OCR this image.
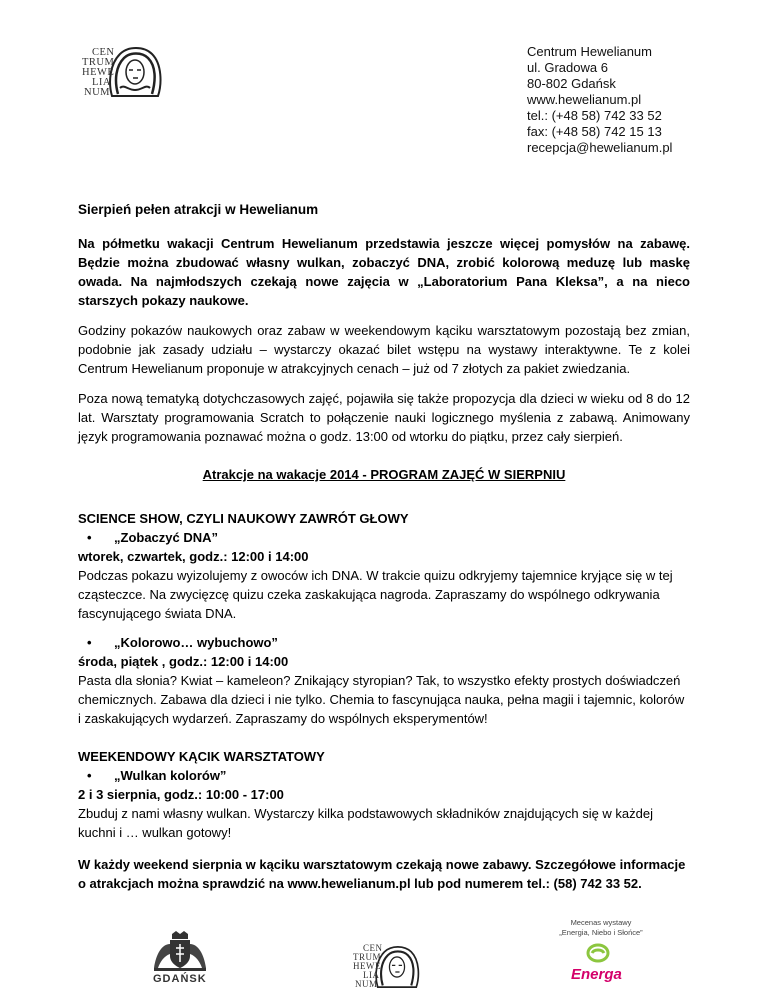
CEN
TRUM
HEWE
LIA
NUM
Centrum Hewelianum
ul. Gradowa 6
80-802 Gdańsk
www.hewelianum.pl
tel.: (+48 58) 742 33 52
fax: (+48 58) 742 15 13
recepcja@hewelianum.pl
Sierpień pełen atrakcji w Hewelianum
Na półmetku wakacji Centrum Hewelianum przedstawia jeszcze więcej pomysłów na zabawę. Będzie można zbudować własny wulkan, zobaczyć DNA, zrobić kolorową meduzę lub maskę owada. Na najmłodszych czekają nowe zajęcia w „Laboratorium Pana Kleksa”, a na nieco starszych pokazy naukowe.
Godziny pokazów naukowych oraz zabaw w weekendowym kąciku warsztatowym pozostają bez zmian, podobnie jak zasady udziału – wystarczy okazać bilet wstępu na wystawy interaktywne. Te z kolei Centrum Hewelianum proponuje w atrakcyjnych cenach – już od 7 złotych za pakiet zwiedzania.
Poza nową tematyką dotychczasowych zajęć, pojawiła się także propozycja dla dzieci w wieku od 8 do 12 lat. Warsztaty programowania Scratch to połączenie nauki logicznego myślenia z zabawą. Animowany język programowania poznawać można o godz. 13:00 od wtorku do piątku, przez cały sierpień.
Atrakcje na wakacje 2014 - PROGRAM ZAJĘĆ W SIERPNIU
SCIENCE SHOW, CZYLI NAUKOWY ZAWRÓT GŁOWY
• „Zobaczyć DNA”
wtorek, czwartek, godz.: 12:00 i 14:00
Podczas pokazu wyizolujemy z owoców ich DNA. W trakcie quizu odkryjemy tajemnice kryjące się w tej cząsteczce. Na zwycięzcę quizu czeka zaskakująca nagroda. Zapraszamy do wspólnego odkrywania fascynującego świata DNA.
• „Kolorowo… wybuchowo”
środa, piątek , godz.: 12:00 i 14:00
Pasta dla słonia? Kwiat – kameleon? Znikający styropian? Tak, to wszystko efekty prostych doświadczeń chemicznych. Zabawa dla dzieci i nie tylko. Chemia to fascynująca nauka, pełna magii i tajemnic, kolorów i zaskakujących wydarzeń. Zapraszamy do wspólnych eksperymentów!
WEEKENDOWY KĄCIK WARSZTATOWY
• „Wulkan kolorów”
2 i 3 sierpnia, godz.: 10:00 - 17:00
Zbuduj z nami własny wulkan. Wystarczy kilka podstawowych składników znajdujących się w każdej kuchni i … wulkan gotowy!
W każdy weekend sierpnia w kąciku warsztatowym czekają nowe zabawy. Szczegółowe informacje o atrakcjach można sprawdzić na www.hewelianum.pl lub pod numerem tel.: (58) 742 33 52.
GDAŃSK
CEN
TRUM
HEWE
LIA
NUM
Mecenas wystawy
„Energia, Niebo i Słońce”
Energa
